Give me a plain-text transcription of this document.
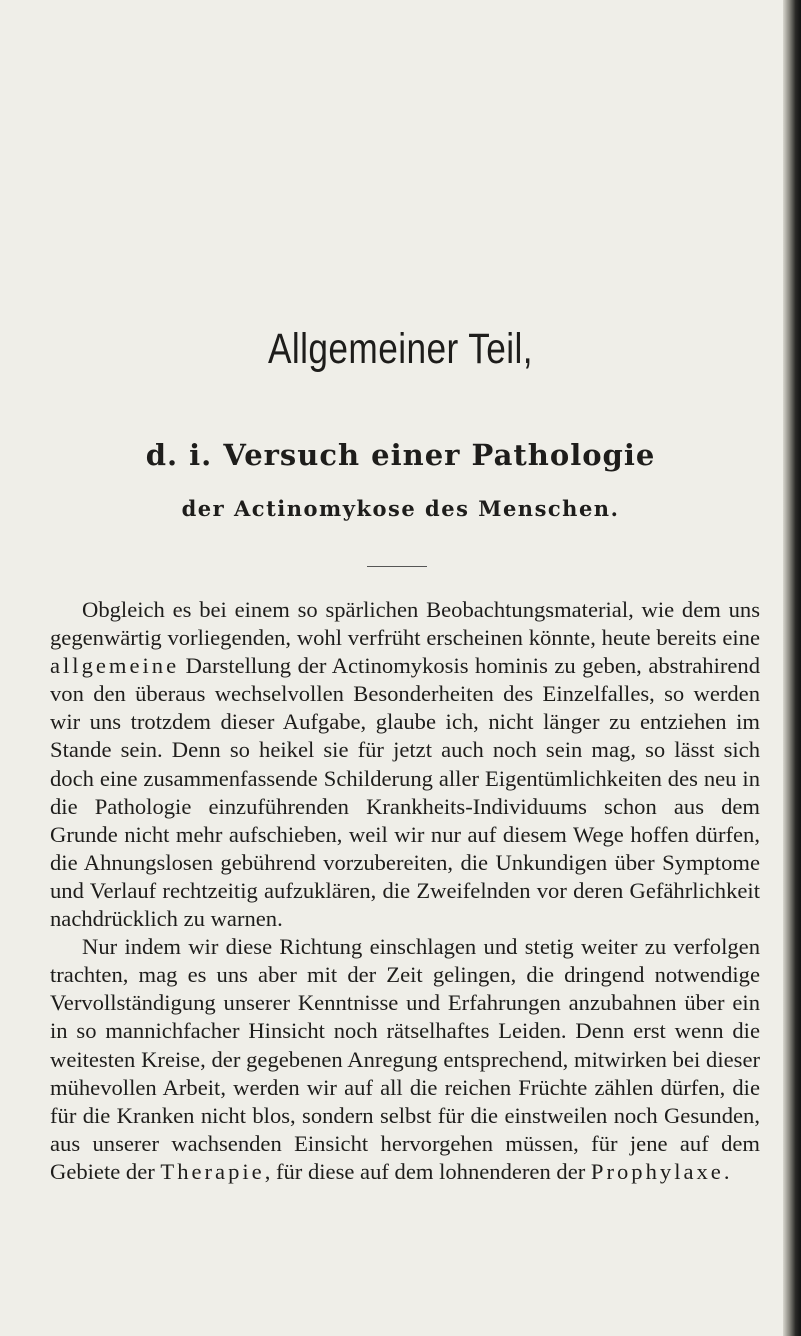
Allgemeiner Teil,
d. i. Versuch einer Pathologie
der Actinomykose des Menschen.

Obgleich es bei einem so spärlichen Beobachtungsmaterial, wie dem uns gegenwärtig vorliegenden, wohl verfrüht erscheinen könnte, heute bereits eine allgemeine Darstellung der Actinomykosis hominis zu geben, abstrahirend von den überaus wechselvollen Besonderheiten des Einzelfalles, so werden wir uns trotzdem dieser Aufgabe, glaube ich, nicht länger zu entziehen im Stande sein. Denn so heikel sie für jetzt auch noch sein mag, so lässt sich doch eine zusammenfassende Schilderung aller Eigentümlichkeiten des neu in die Pathologie einzuführenden Krankheits-Individuums schon aus dem Grunde nicht mehr aufschieben, weil wir nur auf diesem Wege hoffen dürfen, die Ahnungslosen gebührend vorzubereiten, die Unkundigen über Symptome und Verlauf rechtzeitig aufzuklären, die Zweifelnden vor deren Gefährlichkeit nachdrücklich zu warnen.

Nur indem wir diese Richtung einschlagen und stetig weiter zu verfolgen trachten, mag es uns aber mit der Zeit gelingen, die dringend notwendige Vervollständigung unserer Kenntnisse und Erfahrungen anzubahnen über ein in so mannichfacher Hinsicht noch rätselhaftes Leiden. Denn erst wenn die weitesten Kreise, der gegebenen Anregung entsprechend, mitwirken bei dieser mühevollen Arbeit, werden wir auf all die reichen Früchte zählen dürfen, die für die Kranken nicht blos, sondern selbst für die einstweilen noch Gesunden, aus unserer wachsenden Einsicht hervorgehen müssen, für jene auf dem Gebiete der Therapie, für diese auf dem lohnenderen der Prophylaxe.
